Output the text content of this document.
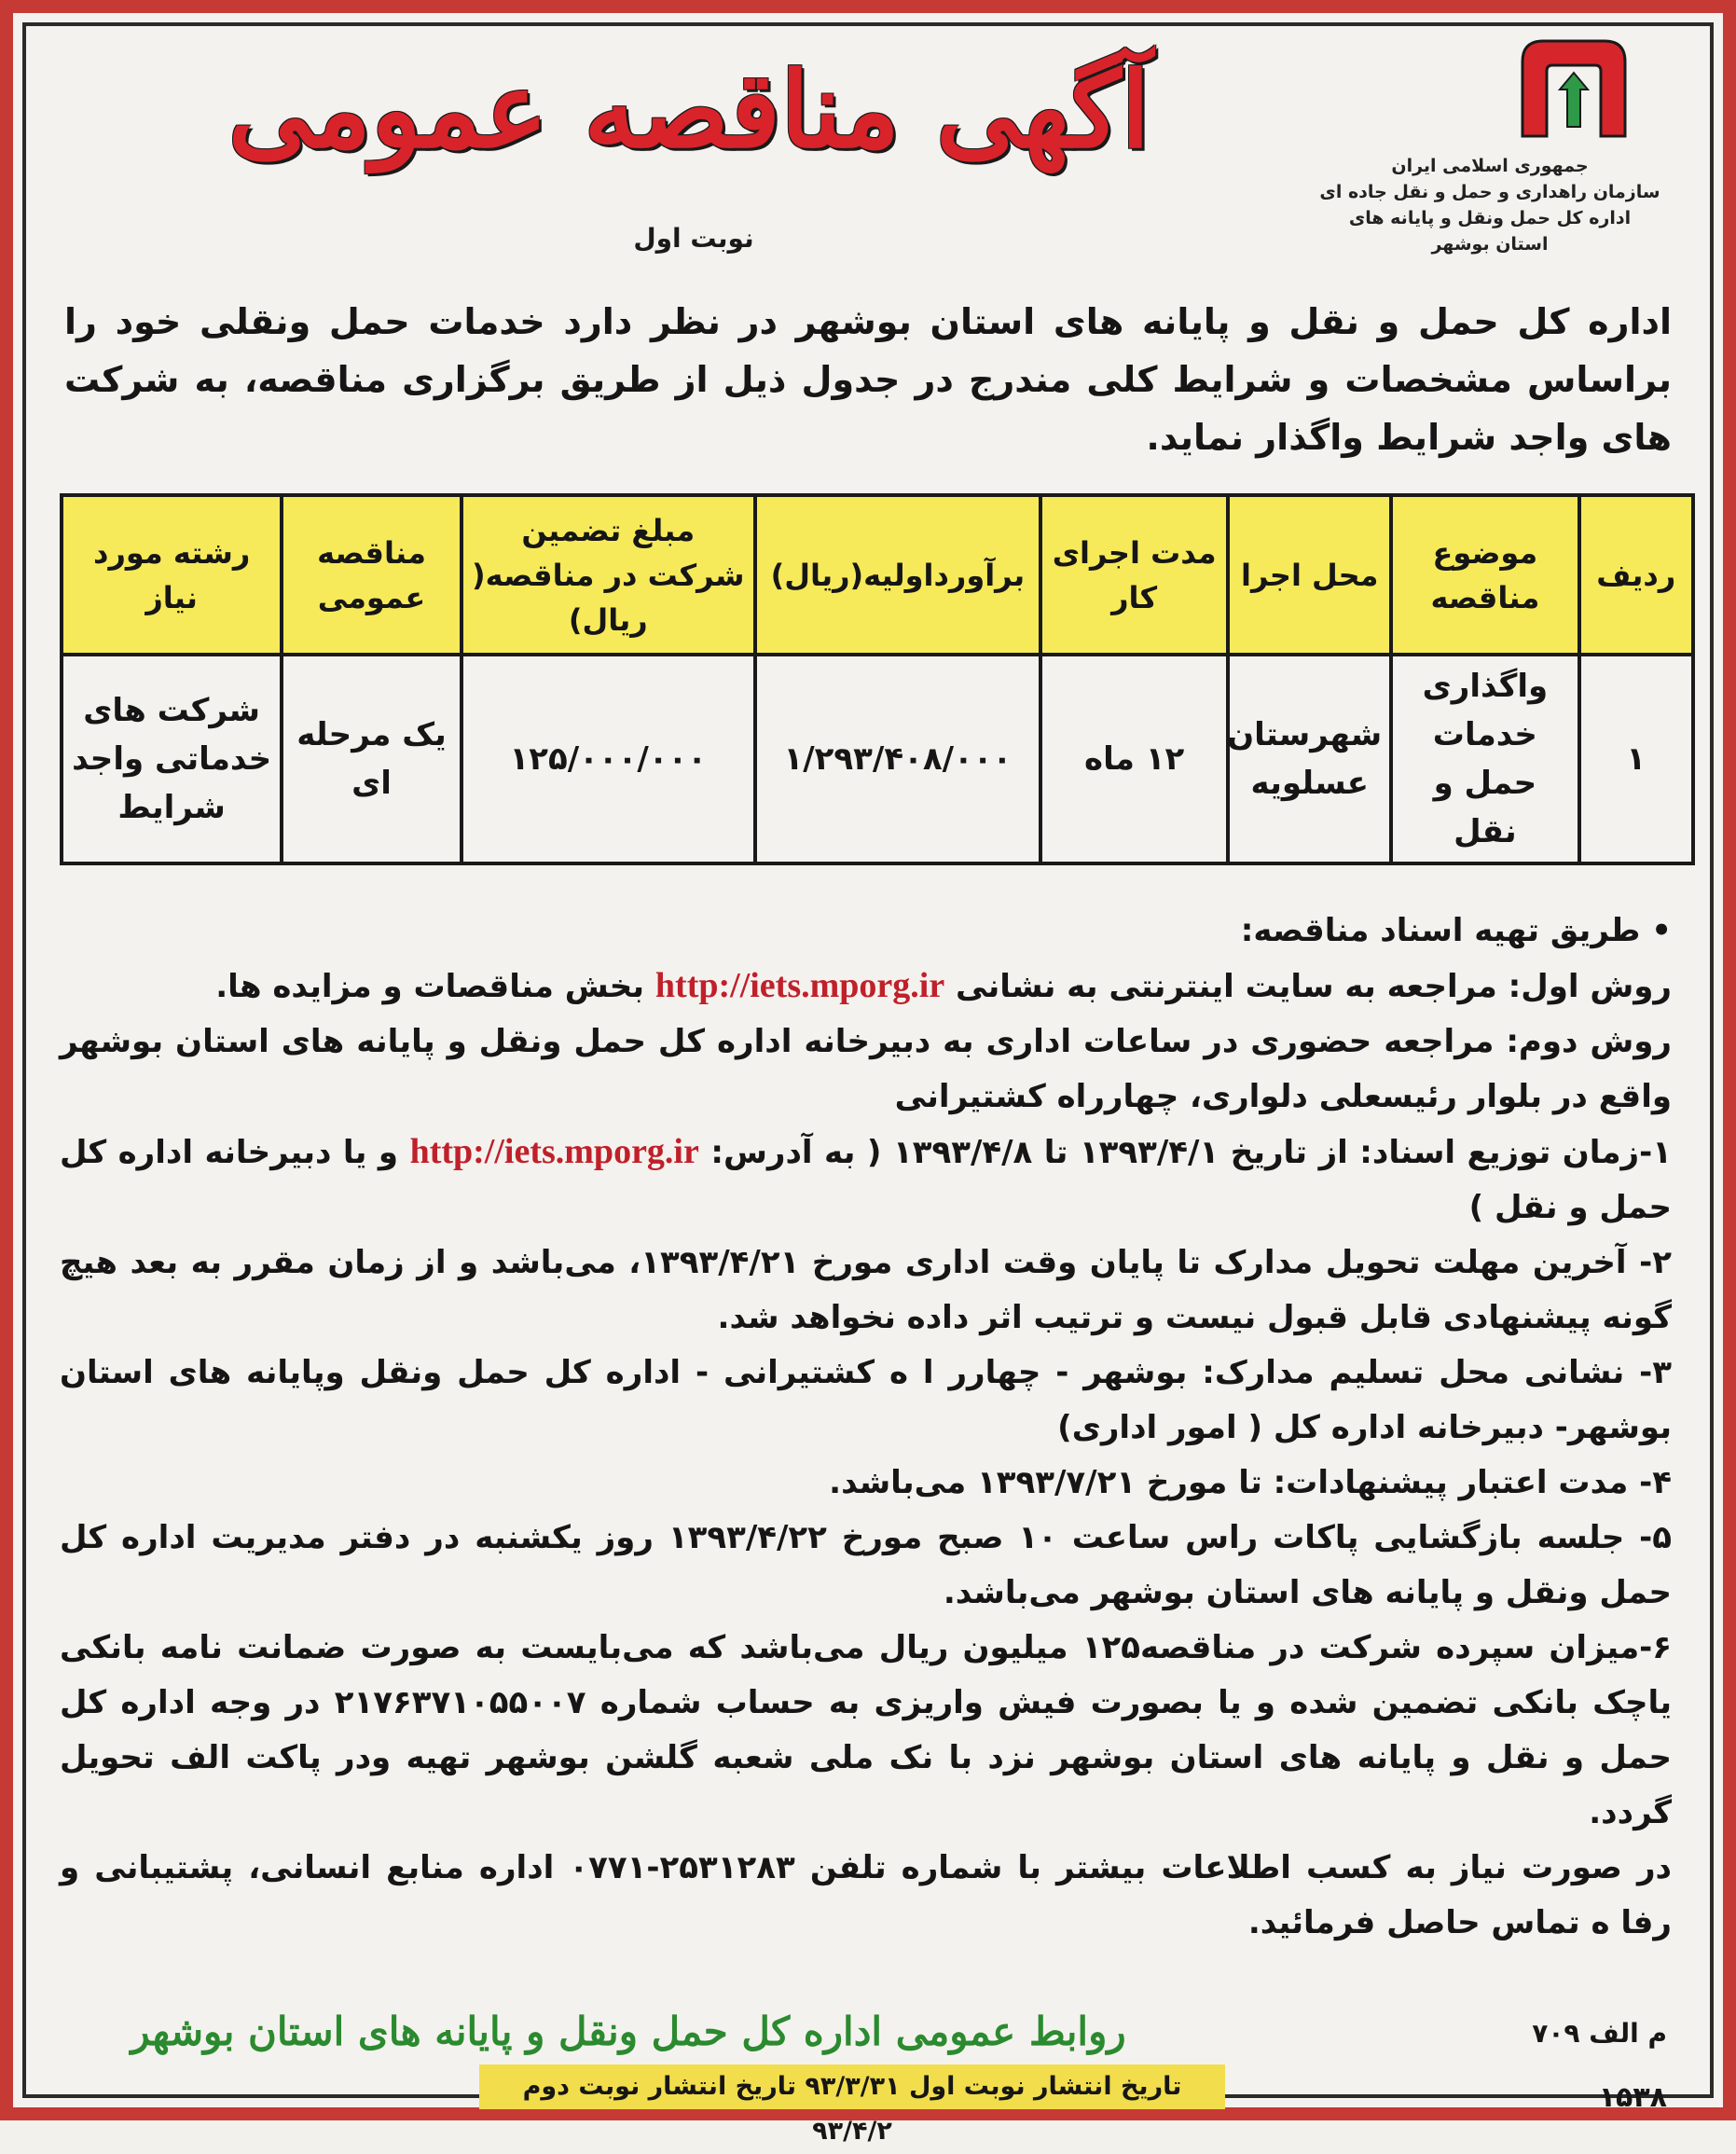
جمهوری اسلامی ایران
سازمان راهداری و حمل و نقل جاده ای
اداره کل حمل ونقل و پایانه های
استان بوشهر
آگهی مناقصه عمومی
نوبت اول
اداره کل حمل و نقل و پایانه های استان بوشهر در نظر دارد خدمات حمل ونقلی خود را براساس مشخصات و شرایط کلی مندرج در جدول ذیل از طریق برگزاری مناقصه، به شرکت های واجد شرایط واگذار نماید.
ردیف	موضوع مناقصه	محل اجرا	مدت اجرای کار	برآورداولیه(ریال)	مبلغ تضمین شرکت در مناقصه( ریال)	مناقصه عمومی	رشته مورد نیاز
۱	واگذاری خدمات حمل و نقل	شهرستان عسلویه	۱۲ ماه	۱/۲۹۳/۴۰۸/۰۰۰	۱۲۵/۰۰۰/۰۰۰	یک مرحله ای	شرکت های خدماتی واجد شرایط

• طریق تهیه اسناد مناقصه:

روش اول: مراجعه به سایت اینترنتی به نشانی http://iets.mporg.ir بخش مناقصات و مزایده ها.

روش دوم: مراجعه حضوری در ساعات اداری به دبیرخانه اداره کل حمل ونقل و پایانه های استان بوشهر واقع در بلوار رئیسعلی دلواری، چهارراه کشتیرانی

۱-زمان توزیع اسناد: از تاریخ ۱۳۹۳/۴/۱ تا ۱۳۹۳/۴/۸ ( به آدرس: http://iets.mporg.ir و یا دبیرخانه اداره کل حمل و نقل )

۲- آخرین مهلت تحویل مدارک تا پایان وقت اداری مورخ ۱۳۹۳/۴/۲۱، می‌باشد و از زمان مقرر به بعد هیچ گونه پیشنهادی قابل قبول نیست و ترتیب اثر داده نخواهد شد.

۳- نشانی محل تسلیم مدارک: بوشهر - چهارر ا ه کشتیرانی - اداره کل حمل ونقل وپایانه های استان بوشهر- دبیرخانه اداره کل ( امور اداری)

۴- مدت اعتبار پیشنهادات: تا مورخ ۱۳۹۳/۷/۲۱ می‌باشد.

۵- جلسه بازگشایی پاکات راس ساعت ۱۰ صبح مورخ ۱۳۹۳/۴/۲۲ روز یکشنبه در دفتر مدیریت اداره کل حمل ونقل و پایانه های استان بوشهر می‌باشد.

۶-میزان سپرده شرکت در مناقصه۱۲۵ میلیون ریال می‌باشد که می‌بایست به صورت ضمانت نامه بانکی یاچک بانکی تضمین شده و یا بصورت فیش واریزی به حساب شماره ۲۱۷۶۳۷۱۰۵۵۰۰۷ در وجه اداره کل حمل و نقل و پایانه های استان بوشهر نزد با نک ملی شعبه گلشن بوشهر تهیه ودر پاکت الف تحویل گردد.

در صورت نیاز به کسب اطلاعات بیشتر با شماره تلفن ۲۵۳۱۲۸۳-۰۷۷۱ اداره منابع انسانی، پشتیبانی و رفا ه تماس حاصل فرمائید.

روابط عمومی اداره کل حمل ونقل و پایانه های استان بوشهر	م الف ۷۰۹
تاریخ انتشار نوبت اول ۹۳/۳/۳۱ تاریخ انتشار نوبت دوم ۹۳/۴/۲
۱۵۳۸
